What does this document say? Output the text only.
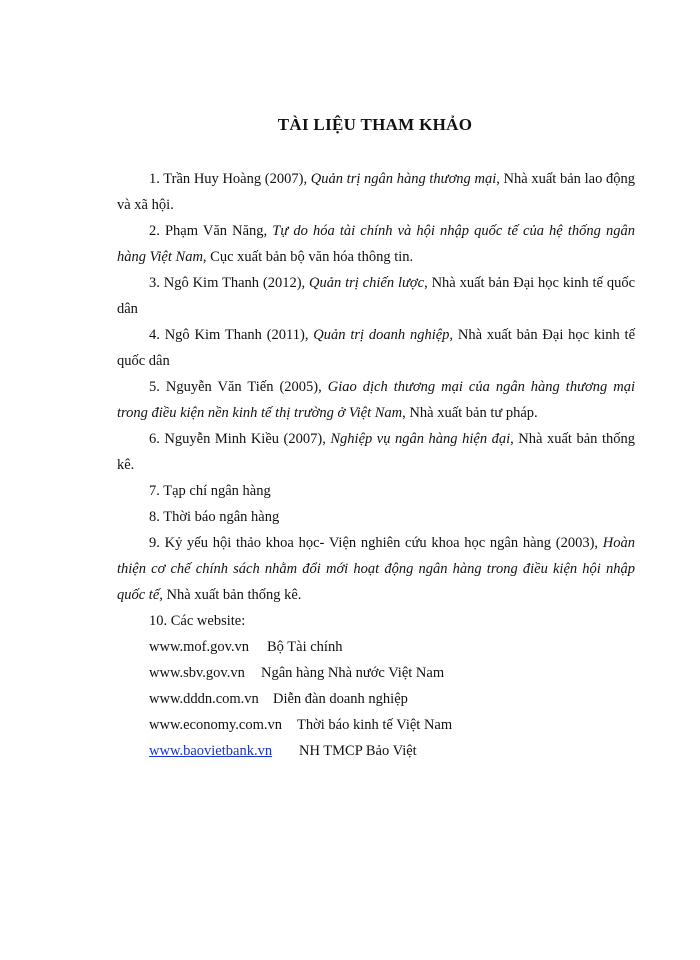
TÀI LIỆU THAM KHẢO

1. Trần Huy Hoàng (2007), Quản trị ngân hàng thương mại, Nhà xuất bản lao động và xã hội.

2. Phạm Văn Năng, Tự do hóa tài chính và hội nhập quốc tế của hệ thống ngân hàng Việt Nam, Cục xuất bản bộ văn hóa thông tin.

3. Ngô Kim Thanh (2012), Quản trị chiến lược, Nhà xuất bản Đại học kinh tế quốc dân

4. Ngô Kim Thanh (2011), Quản trị doanh nghiệp, Nhà xuất bản Đại học kinh tế quốc dân

5. Nguyễn Văn Tiến (2005), Giao dịch thương mại của ngân hàng thương mại trong điều kiện nền kinh tế thị trường ở Việt Nam, Nhà xuất bản tư pháp.

6. Nguyễn Minh Kiều (2007), Nghiệp vụ ngân hàng hiện đại, Nhà xuất bản thống kê.

7. Tạp chí ngân hàng

8. Thời báo ngân hàng

9. Kỷ yếu hội thảo khoa học- Viện nghiên cứu khoa học ngân hàng (2003), Hoàn thiện cơ chế chính sách nhằm đổi mới hoạt động ngân hàng trong điều kiện hội nhập quốc tế, Nhà xuất bản thống kê.

10. Các website:

www.mof.gov.vn	Bộ Tài chính
www.sbv.gov.vn	Ngân hàng Nhà nước Việt Nam
www.dddn.com.vn Diễn đàn doanh nghiệp
www.economy.com.vn	Thời báo kinh tế Việt Nam
www.baovietbank.vn	NH TMCP Bảo Việt
